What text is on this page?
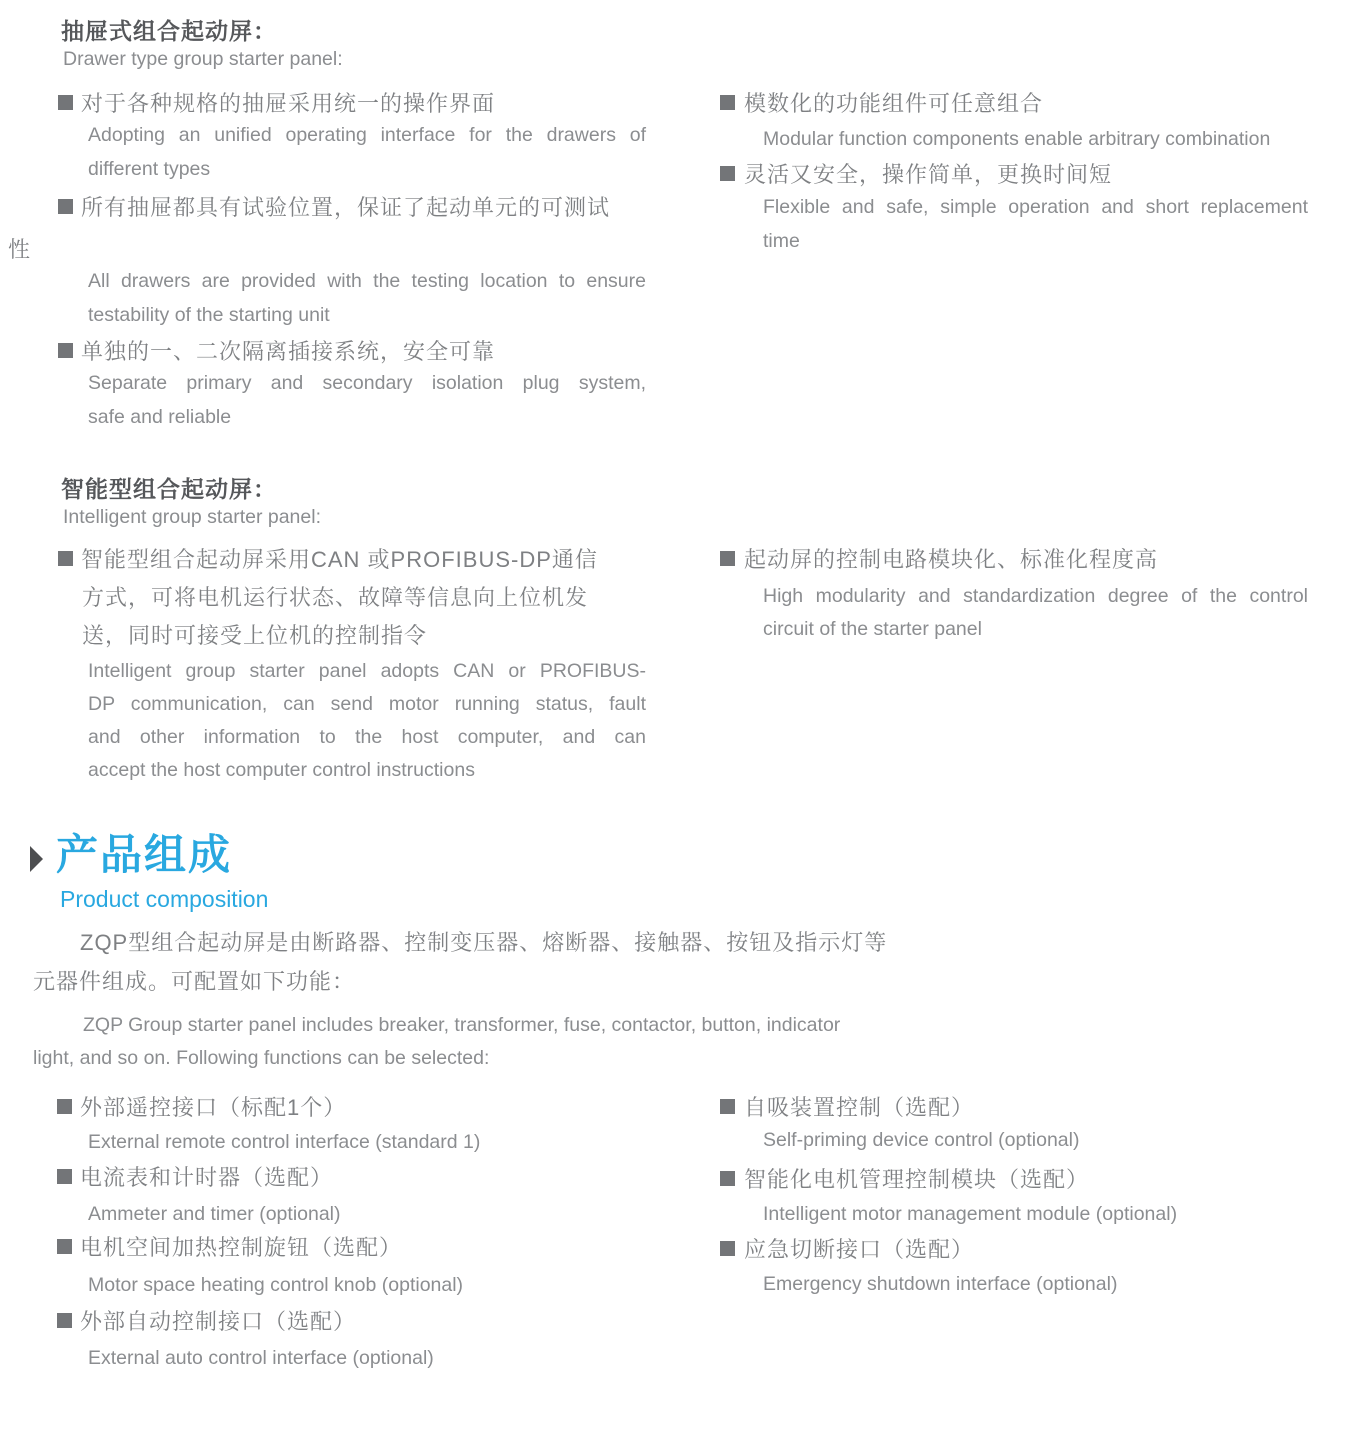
抽屉式组合起动屏：
Drawer type group starter panel:
对于各种规格的抽屉采用统一的操作界面
Adopting an unified operating interface for the drawers of
different types
所有抽屉都具有试验位置，保证了起动单元的可测试
性
All drawers are provided with the testing location to ensure
testability of the starting unit
单独的一、二次隔离插接系统，安全可靠
Separate primary and secondary isolation plug system,
safe and reliable
模数化的功能组件可任意组合
Modular function components enable arbitrary combination
灵活又安全，操作简单，更换时间短
Flexible and safe, simple operation and short replacement
time
智能型组合起动屏：
Intelligent group starter panel:
智能型组合起动屏采用CAN 或PROFIBUS-DP通信
方式，可将电机运行状态、故障等信息向上位机发
送，同时可接受上位机的控制指令
Intelligent group starter panel adopts CAN or PROFIBUS-
DP communication, can send motor running status, fault
and other information to the host computer, and can
accept the host computer control instructions
起动屏的控制电路模块化、标准化程度高
High modularity and standardization degree of the control
circuit of the starter panel
产品组成
Product composition
ZQP型组合起动屏是由断路器、控制变压器、熔断器、接触器、按钮及指示灯等
元器件组成。可配置如下功能：
ZQP Group starter panel includes breaker, transformer, fuse, contactor, button, indicator
light, and so on. Following functions can be selected:
外部遥控接口（标配1个）
External remote control interface (standard 1)
电流表和计时器（选配）
Ammeter and timer (optional)
电机空间加热控制旋钮（选配）
Motor space heating control knob (optional)
外部自动控制接口（选配）
External auto control interface (optional)
自吸装置控制（选配）
Self-priming device control (optional)
智能化电机管理控制模块（选配）
Intelligent motor management module (optional)
应急切断接口（选配）
Emergency shutdown interface (optional)
